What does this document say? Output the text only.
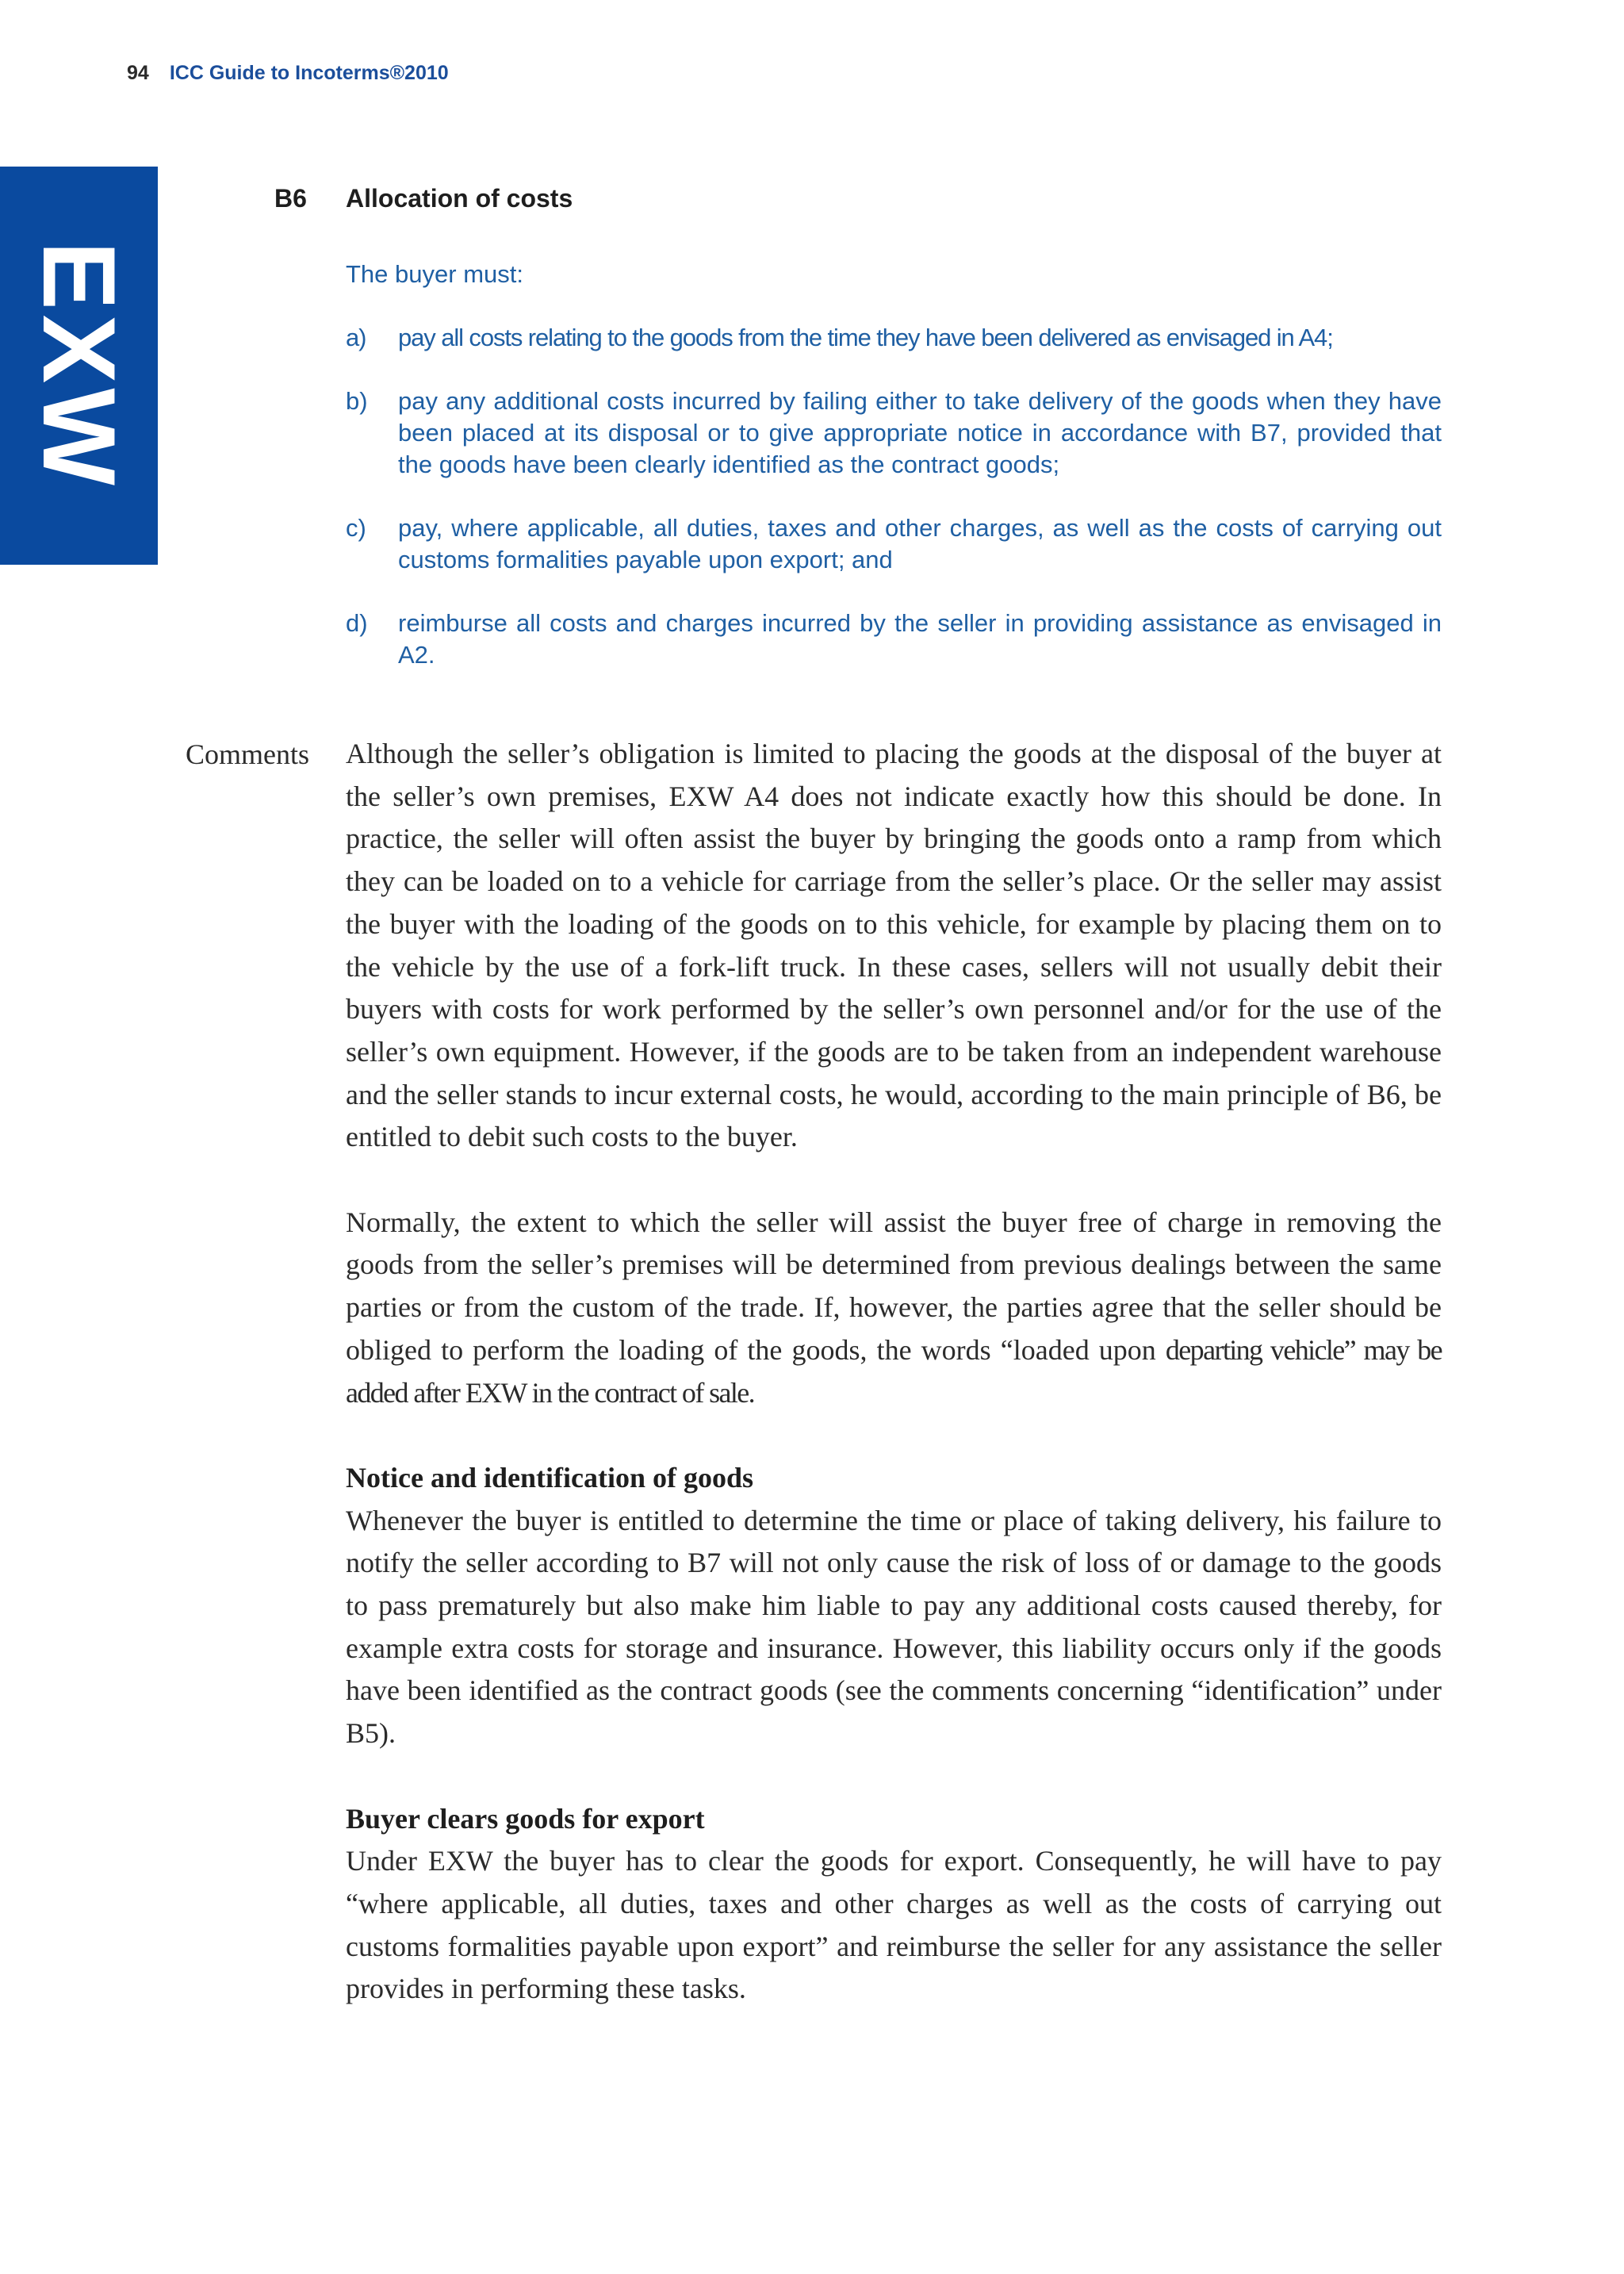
94 ICC Guide to Incoterms®2010
EXW
B6 Allocation of costs
The buyer must:
a) pay all costs relating to the goods from the time they have been delivered as envisaged in A4;
b) pay any additional costs incurred by failing either to take delivery of the goods when they have been placed at its disposal or to give appropriate notice in accordance with B7, provided that the goods have been clearly identified as the contract goods;
c) pay, where applicable, all duties, taxes and other charges, as well as the costs of carrying out customs formalities payable upon export; and
d) reimburse all costs and charges incurred by the seller in providing assistance as envisaged in A2.
Comments Although the seller’s obligation is limited to placing the goods at the disposal of the buyer at the seller’s own premises, EXW A4 does not indicate exactly how this should be done. In practice, the seller will often assist the buyer by bringing the goods onto a ramp from which they can be loaded on to a vehicle for carriage from the seller’s place. Or the seller may assist the buyer with the loading of the goods on to this vehicle, for example by placing them on to the vehicle by the use of a fork-lift truck. In these cases, sellers will not usually debit their buyers with costs for work performed by the seller’s own personnel and/or for the use of the seller’s own equipment. However, if the goods are to be taken from an independent warehouse and the seller stands to incur external costs, he would, according to the main principle of B6, be entitled to debit such costs to the buyer.

Normally, the extent to which the seller will assist the buyer free of charge in removing the goods from the seller’s premises will be determined from previous dealings between the same parties or from the custom of the trade. If, however, the parties agree that the seller should be obliged to perform the loading of the goods, the words “loaded upon departing vehicle” may be added after EXW in the contract of sale.

Notice and identification of goods

Whenever the buyer is entitled to determine the time or place of taking delivery, his failure to notify the seller according to B7 will not only cause the risk of loss of or damage to the goods to pass prematurely but also make him liable to pay any additional costs caused thereby, for example extra costs for storage and insurance. However, this liability occurs only if the goods have been identified as the contract goods (see the comments concerning “identification” under B5).

Buyer clears goods for export

Under EXW the buyer has to clear the goods for export. Consequently, he will have to pay “where applicable, all duties, taxes and other charges as well as the costs of carrying out customs formalities payable upon export” and reimburse the seller for any assistance the seller provides in performing these tasks.
